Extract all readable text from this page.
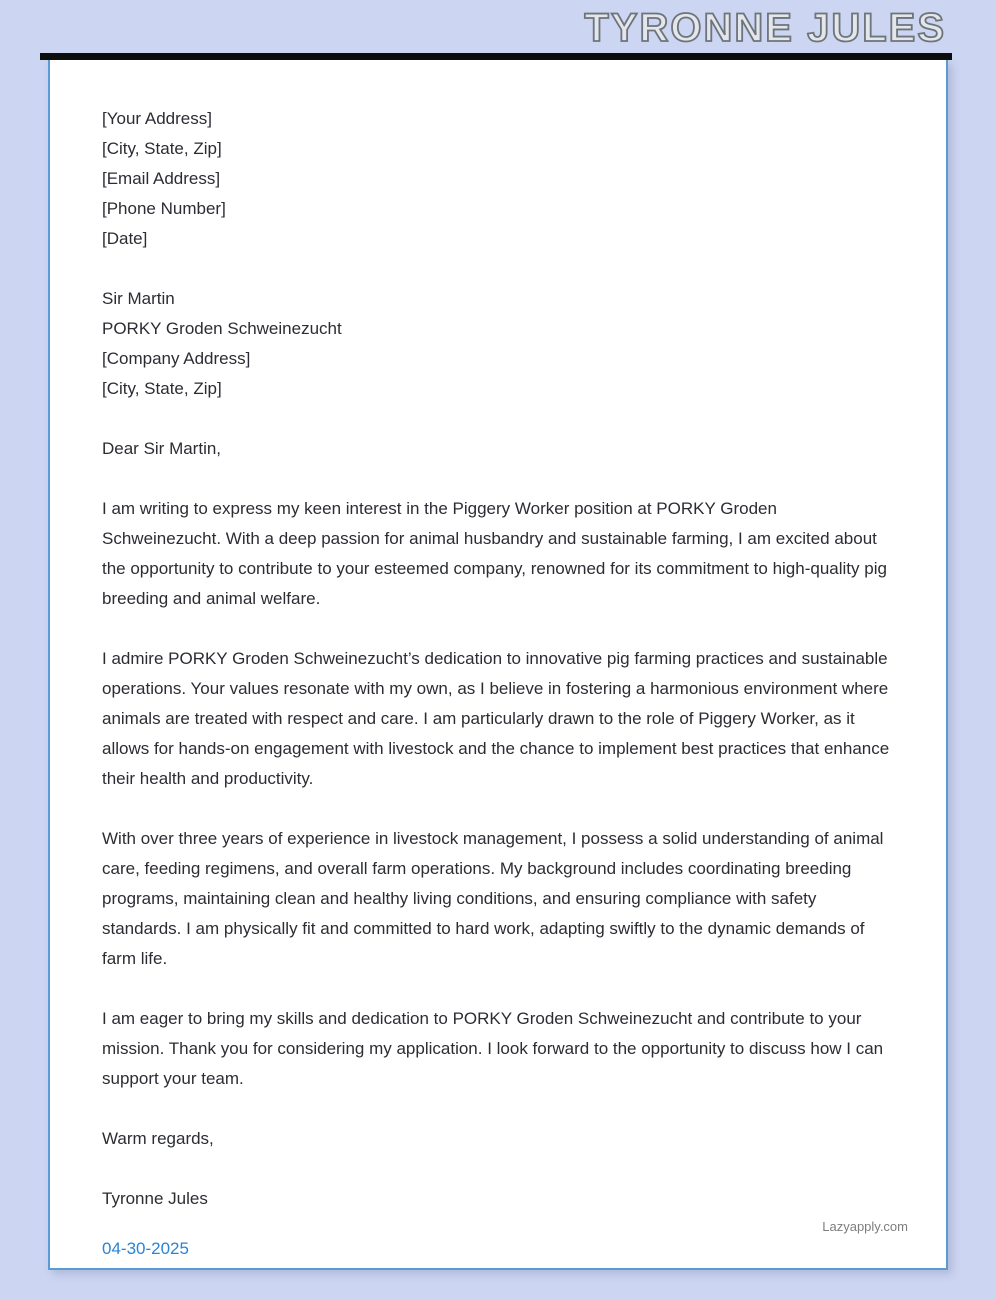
TYRONNE JULES

[Your Address]

[City, State, Zip]

[Email Address]

[Phone Number]

[Date]

Sir Martin

PORKY Groden Schweinezucht

[Company Address]

[City, State, Zip]

Dear Sir Martin,

I am writing to express my keen interest in the Piggery Worker position at PORKY Groden Schweinezucht. With a deep passion for animal husbandry and sustainable farming, I am excited about the opportunity to contribute to your esteemed company, renowned for its commitment to high-quality pig breeding and animal welfare.

I admire PORKY Groden Schweinezucht’s dedication to innovative pig farming practices and sustainable operations. Your values resonate with my own, as I believe in fostering a harmonious environment where animals are treated with respect and care. I am particularly drawn to the role of Piggery Worker, as it allows for hands-on engagement with livestock and the chance to implement best practices that enhance their health and productivity.

With over three years of experience in livestock management, I possess a solid understanding of animal care, feeding regimens, and overall farm operations. My background includes coordinating breeding programs, maintaining clean and healthy living conditions, and ensuring compliance with safety standards. I am physically fit and committed to hard work, adapting swiftly to the dynamic demands of farm life.

I am eager to bring my skills and dedication to PORKY Groden Schweinezucht and contribute to your mission. Thank you for considering my application. I look forward to the opportunity to discuss how I can support your team.

Warm regards,

Tyronne Jules

04-30-2025
Lazyapply.com
